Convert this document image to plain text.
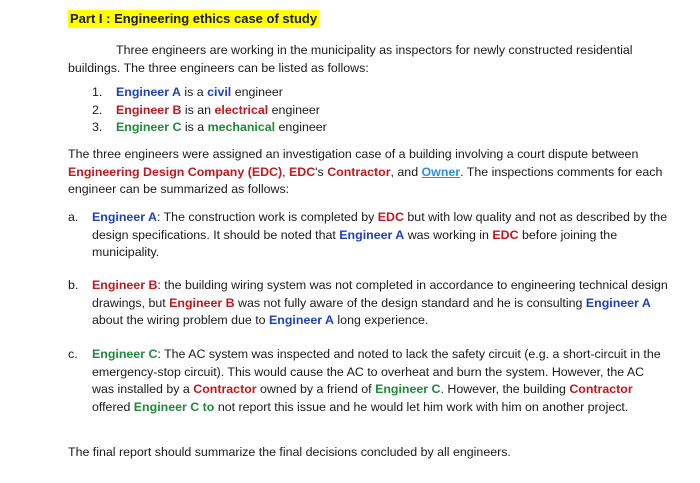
Part I : Engineering ethics case of study
Three engineers are working in the municipality as inspectors for newly constructed residential buildings. The three engineers can be listed as follows:
1. Engineer A is a civil engineer
2. Engineer B is an electrical engineer
3. Engineer C is a mechanical engineer
The three engineers were assigned an investigation case of a building involving a court dispute between Engineering Design Company (EDC), EDC's Contractor, and Owner. The inspections comments for each engineer can be summarized as follows:
a. Engineer A: The construction work is completed by EDC but with low quality and not as described by the design specifications. It should be noted that Engineer A was working in EDC before joining the municipality.
b. Engineer B: the building wiring system was not completed in accordance to engineering technical design drawings, but Engineer B was not fully aware of the design standard and he is consulting Engineer A about the wiring problem due to Engineer A long experience.
c. Engineer C: The AC system was inspected and noted to lack the safety circuit (e.g. a short-circuit in the emergency-stop circuit). This would cause the AC to overheat and burn the system. However, the AC was installed by a Contractor owned by a friend of Engineer C. However, the building Contractor offered Engineer C to not report this issue and he would let him work with him on another project.
The final report should summarize the final decisions concluded by all engineers.
